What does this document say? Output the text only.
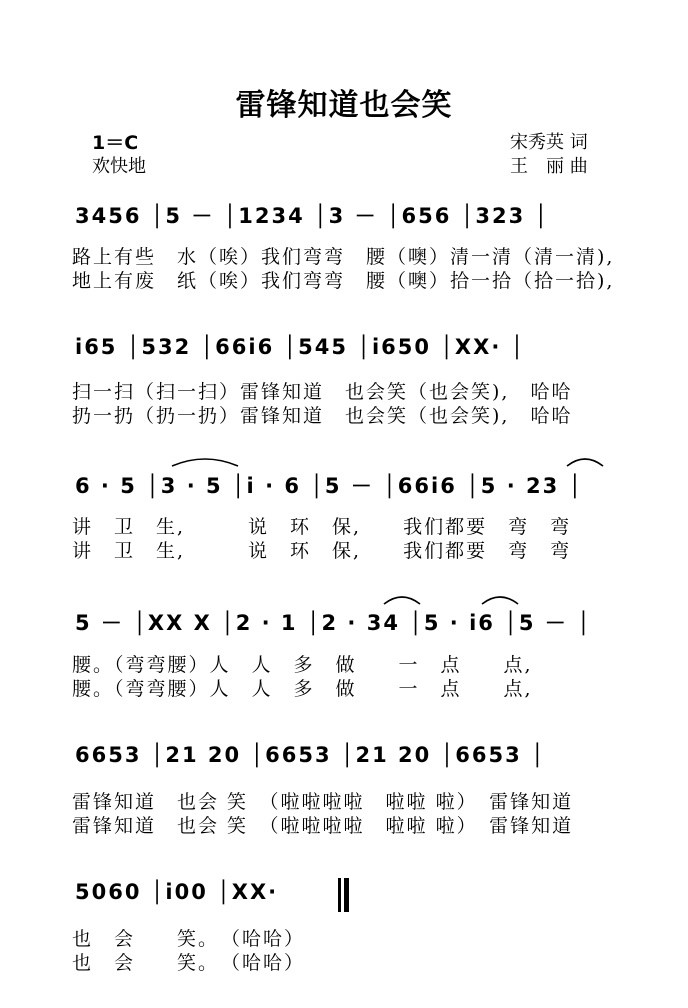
雷锋知道也会笑
1＝C
欢快地
宋秀英 词
王　丽 曲
3456 │5 － │1234 │3 － │656 │323 │
路上有些　水（唉）我们弯弯　腰（噢）清一清（清一清),
地上有废　纸（唉）我们弯弯　腰（噢）拾一拾（拾一拾),
i65 │532 │66i6 │545 │i650 │XX· │
扫一扫（扫一扫）雷锋知道　也会笑（也会笑),　哈哈
扔一扔（扔一扔）雷锋知道　也会笑（也会笑),　哈哈
6 · 5 │3 · 5 │i · 6 │5 － │66i6 │5 · 23 │
讲　卫　生,　　　说　环　保,　　我们都要　弯　弯
讲　卫　生,　　　说　环　保,　　我们都要　弯　弯
5 － │XX X │2 · 1 │2 · 34 │5 · i6 │5 － │
腰。（弯弯腰）人　人　多　做　　一　点　　点,
腰。（弯弯腰）人　人　多　做　　一　点　　点,
6653 │21 20 │6653 │21 20 │6653 │
雷锋知道　也会 笑　（啦啦啦啦　啦啦 啦）　雷锋知道
雷锋知道　也会 笑　（啦啦啦啦　啦啦 啦）　雷锋知道
5060 │i00 │XX·
也　会　　笑。　（哈哈）
也　会　　笑。　（哈哈）
